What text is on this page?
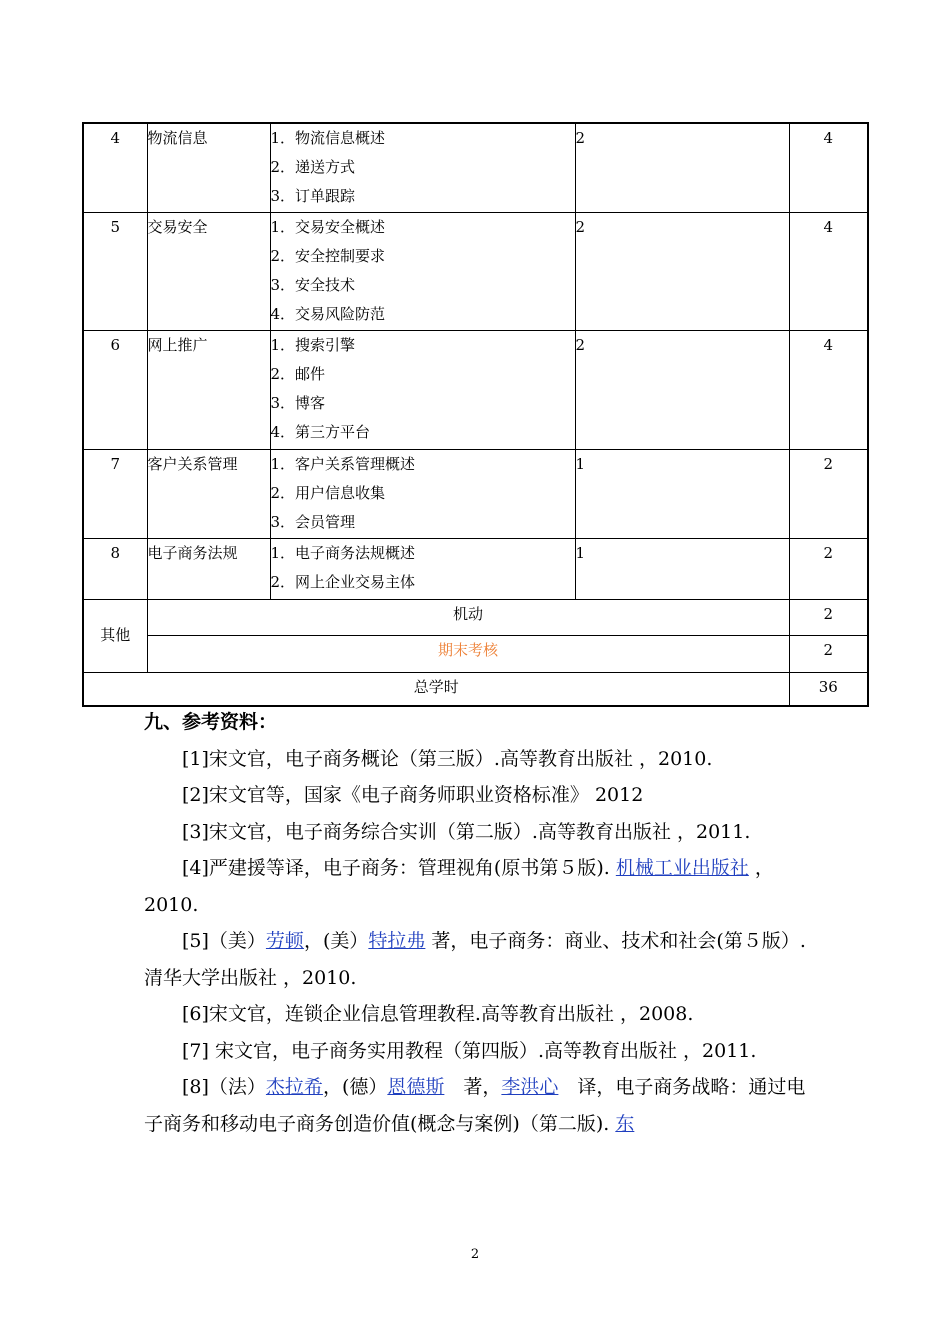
4	物流信息	1．物流信息概述
2．递送方式
3．订单跟踪	2	4
5	交易安全	1．交易安全概述
2．安全控制要求
3．安全技术
4．交易风险防范	2	4
6	网上推广	1．搜索引擎
2．邮件
3．博客
4．第三方平台	2	4
7	客户关系管理	1．客户关系管理概述
2．用户信息收集
3．会员管理	1	2
8	电子商务法规	1．电子商务法规概述
2．网上企业交易主体	1	2
其他	机动			2
	期末考核			2
总学时				36
九、参考资料：

[1]宋文官，电子商务概论（第三版）.高等教育出版社 ，2010.

[2]宋文官等，国家《电子商务师职业资格标准》 2012

[3]宋文官，电子商务综合实训（第二版）.高等教育出版社 ，2011.

[4]严建援等译，电子商务：管理视角(原书第５版). 机械工业出版社 ，2010.

[5]（美）劳顿，(美）特拉弗 著，电子商务：商业、技术和社会(第５版）.清华大学出版社 ，2010.

[6]宋文官，连锁企业信息管理教程.高等教育出版社 ，2008.

[7] 宋文官，电子商务实用教程（第四版）.高等教育出版社 ，2011.

[8]（法）杰拉希，(德）恩德斯　著，李洪心　译，电子商务战略：通过电子商务和移动电子商务创造价值(概念与案例)（第二版). 东

2
